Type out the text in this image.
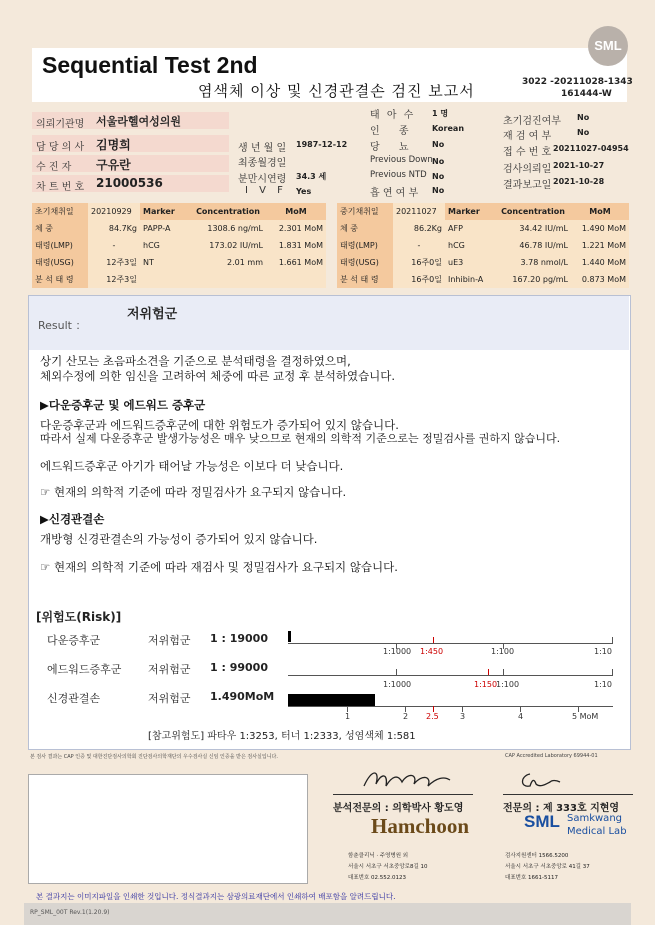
Sequential Test 2nd
염색체 이상 및 신경관결손 검진 보고서	3022 -20211028-1343
161444-W
SML
의뢰기관명 서울라헬여성의원
담 당 의 사 김명희
수 진 자 구유란
차 트 번 호 21000536
생 년 월 일 1987-12-12
최종월경일
분만시연령 34.3 세
I V F Yes
태 아 수 1 명
인 종 Korean
당 뇨 No
Previous Down No
Previous NTD No
흡 연 여 부 No
초기검진여부 No
재 검 여 부	No
접 수 번 호 20211027-04954
검사의뢰일 2021-10-27
결과보고일 2021-10-28
초기채취일	20210929	Marker	Concentration	MoM
체 중	84.7Kg	PAPP-A	1308.6 ng/mL	2.301 MoM
태령(LMP)	-	hCG	173.02 IU/mL	1.831 MoM
태령(USG)	12주3일	NT	2.01 mm	1.661 MoM
분 석 태 령	12주3일			
중기채취일	20211027	Marker	Concentration	MoM
체 중	86.2Kg	AFP	34.42 IU/mL	1.490 MoM
태령(LMP)	-	hCG	46.78 IU/mL	1.221 MoM
태령(USG)	16주0일	uE3	3.78 nmol/L	1.440 MoM
분 석 태 령	16주0일	Inhibin-A	167.20 pg/mL	0.873 MoM
Result ：
저위험군
상기 산모는 초음파소견을 기준으로 분석태령을 결정하였으며,
체외수정에 의한 임신을 고려하여 체중에 따른 교정 후 분석하였습니다.
▶다운증후군 및 에드워드 증후군
다운증후군과 에드워드증후군에 대한 위험도가 증가되어 있지 않습니다.
따라서 실제 다운증후군 발생가능성은 매우 낮으므로 현재의 의학적 기준으로는 정밀검사를 권하지 않습니다.
에드워드증후군 아기가 태어날 가능성은 이보다 더 낮습니다.
☞ 현재의 의학적 기준에 따라 정밀검사가 요구되지 않습니다.
▶신경관결손
개방형 신경관결손의 가능성이 증가되어 있지 않습니다.
☞ 현재의 의학적 기준에 따라 재검사 및 정밀검사가 요구되지 않습니다.
[위험도(Risk)]
다운증후군	저위험군 1 : 19000
에드워드증후군 저위험군 1 : 99000
신경관결손	저위험군 1.490MoM
1:1000 1:450	1:100	1:10
1:1000	1:150
1:100	1:10
1	2 2.5	3	4	5 MoM
[참고위험도] 파타우 1:3253, 터너 1:2333, 성염색체 1:581
본 검사 결과는 CAP 인증 및 대한진단검사의학회 진단검사의학재단의 우수검사실 신임 인증을 받은 검사실입니다.	CAP Accredited Laboratory 69944-01
분석전문의 : 의학박사 황도영	전문의 : 제 333호 지현영
Hamchoon
함춘클리닉 · 주영병원 외
서울시 서초구 서초중앙로8길 10
대표번호 02.552.0123
SML Samkwang
Medical Lab
검사지원센터 1566.5200
서울시 서초구 서초중앙로 41길 37
대표번호 1661-5117
본 결과지는 이미지파일을 인쇄한 것입니다. 정식결과지는 삼광의료재단에서 인쇄하여 배포함을 알려드립니다.
RP_SML_00T Rev.1(1.20.9)
